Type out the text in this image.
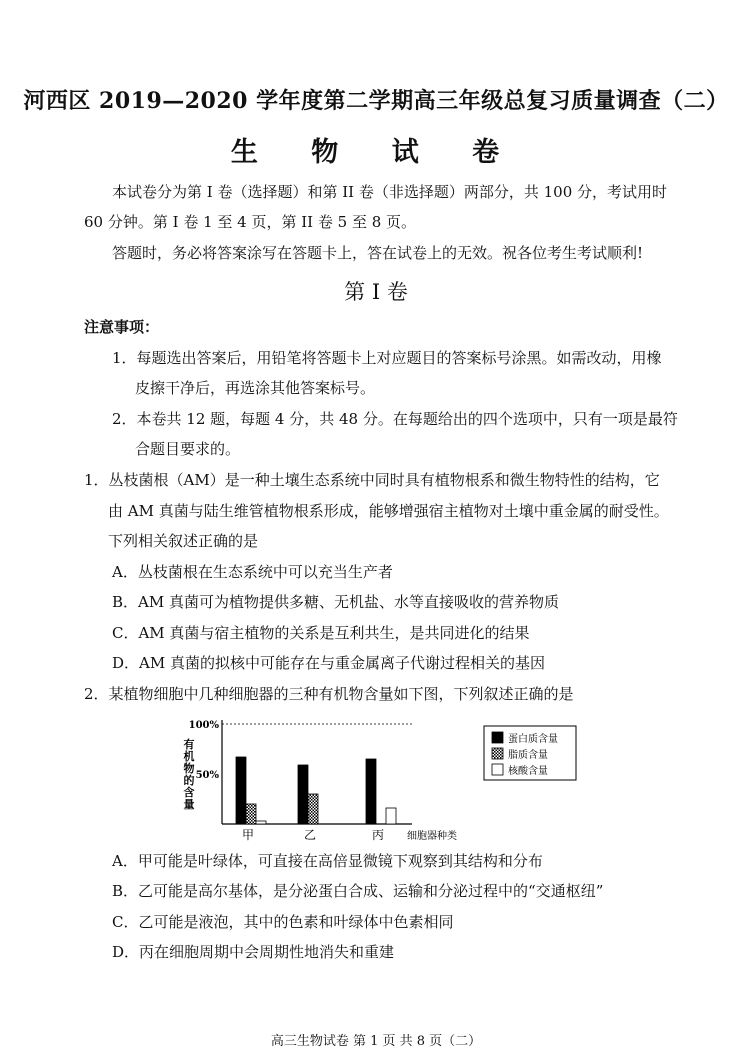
河西区 2019—2020 学年度第二学期高三年级总复习质量调查（二）
生 物 试 卷
本试卷分为第 I 卷（选择题）和第 II 卷（非选择题）两部分，共 100 分，考试用时
60 分钟。第 I 卷 1 至 4 页，第 II 卷 5 至 8 页。
答题时，务必将答案涂写在答题卡上，答在试卷上的无效。祝各位考生考试顺利!
第 I 卷
注意事项：
1．每题选出答案后，用铅笔将答题卡上对应题目的答案标号涂黑。如需改动，用橡
皮擦干净后，再选涂其他答案标号。
2．本卷共 12 题，每题 4 分，共 48 分。在每题给出的四个选项中，只有一项是最符
合题目要求的。
1．丛枝菌根（AM）是一种土壤生态系统中同时具有植物根系和微生物特性的结构，它
由 AM 真菌与陆生维管植物根系形成，能够增强宿主植物对土壤中重金属的耐受性。
下列相关叙述正确的是
A．丛枝菌根在生态系统中可以充当生产者
B．AM 真菌可为植物提供多糖、无机盐、水等直接吸收的营养物质
C．AM 真菌与宿主植物的关系是互利共生，是共同进化的结果
D．AM 真菌的拟核中可能存在与重金属离子代谢过程相关的基因
2．某植物细胞中几种细胞器的三种有机物含量如下图，下列叙述正确的是
100%
50%
有
机
物
的
含
量
细胞器种类
甲	乙	丙
蛋白质含量
脂质含量
核酸含量
A．甲可能是叶绿体，可直接在高倍显微镜下观察到其结构和分布
B．乙可能是高尔基体，是分泌蛋白合成、运输和分泌过程中的“交通枢纽”
C．乙可能是液泡，其中的色素和叶绿体中色素相同
D．丙在细胞周期中会周期性地消失和重建
高三生物试卷 第 1 页 共 8 页（二）
